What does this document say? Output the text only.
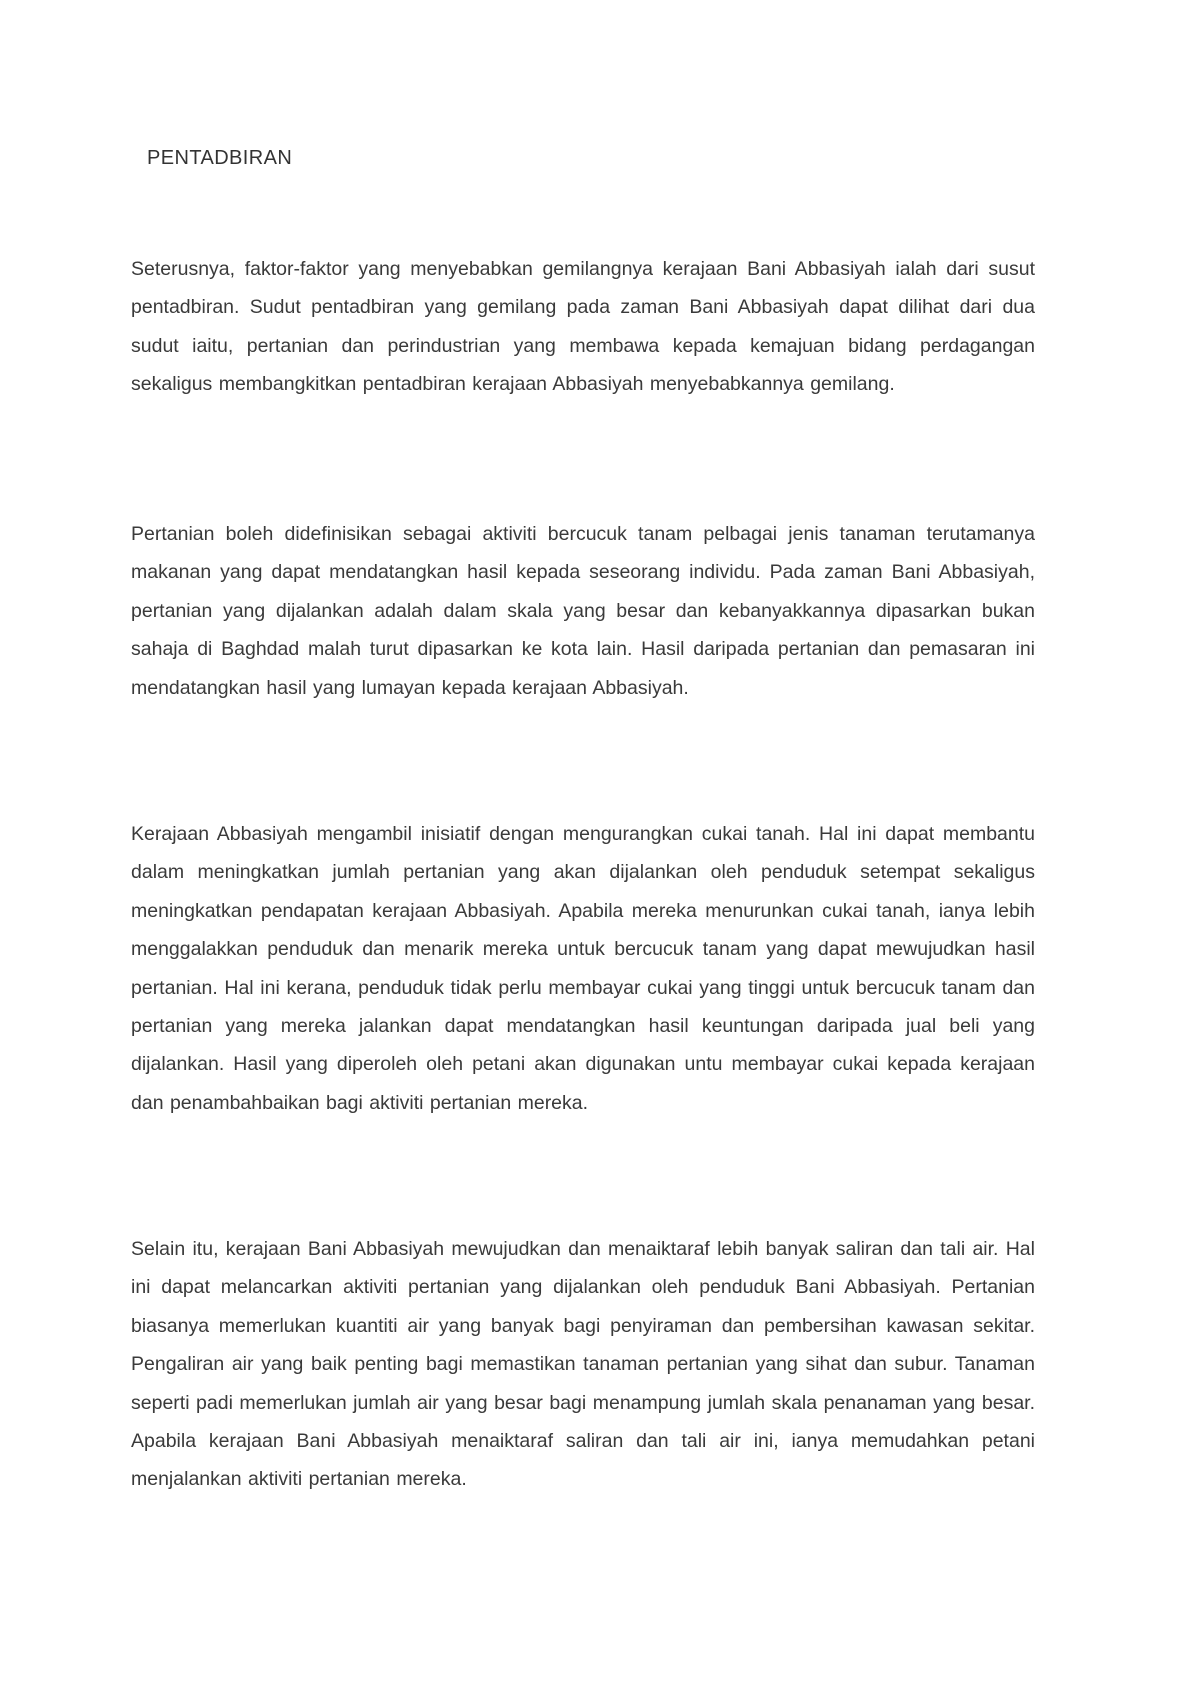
PENTADBIRAN

Seterusnya, faktor-faktor yang menyebabkan gemilangnya kerajaan Bani Abbasiyah ialah dari susut pentadbiran. Sudut pentadbiran yang gemilang pada zaman Bani Abbasiyah dapat dilihat dari dua sudut iaitu, pertanian dan perindustrian yang membawa kepada kemajuan bidang perdagangan sekaligus membangkitkan pentadbiran kerajaan Abbasiyah menyebabkannya gemilang.

Pertanian boleh didefinisikan sebagai aktiviti bercucuk tanam pelbagai jenis tanaman terutamanya makanan yang dapat mendatangkan hasil kepada seseorang individu. Pada zaman Bani Abbasiyah, pertanian yang dijalankan adalah dalam skala yang besar dan kebanyakkannya dipasarkan bukan sahaja di Baghdad malah turut dipasarkan ke kota lain. Hasil daripada pertanian dan pemasaran ini mendatangkan hasil yang lumayan kepada kerajaan Abbasiyah.

Kerajaan Abbasiyah mengambil inisiatif dengan mengurangkan cukai tanah. Hal ini dapat membantu dalam meningkatkan jumlah pertanian yang akan dijalankan oleh penduduk setempat sekaligus meningkatkan pendapatan kerajaan Abbasiyah. Apabila mereka menurunkan cukai tanah, ianya lebih menggalakkan penduduk dan menarik mereka untuk bercucuk tanam yang dapat mewujudkan hasil pertanian. Hal ini kerana, penduduk tidak perlu membayar cukai yang tinggi untuk bercucuk tanam dan pertanian yang mereka jalankan dapat mendatangkan hasil keuntungan daripada jual beli yang dijalankan. Hasil yang diperoleh oleh petani akan digunakan untu membayar cukai kepada kerajaan dan penambahbaikan bagi aktiviti pertanian mereka.

Selain itu, kerajaan Bani Abbasiyah mewujudkan dan menaiktaraf lebih banyak saliran dan tali air. Hal ini dapat melancarkan aktiviti pertanian yang dijalankan oleh penduduk Bani Abbasiyah. Pertanian biasanya memerlukan kuantiti air yang banyak bagi penyiraman dan pembersihan kawasan sekitar. Pengaliran air yang baik penting bagi memastikan tanaman pertanian yang sihat dan subur. Tanaman seperti padi memerlukan jumlah air yang besar bagi menampung jumlah skala penanaman yang besar. Apabila kerajaan Bani Abbasiyah menaiktaraf saliran dan tali air ini, ianya memudahkan petani menjalankan aktiviti pertanian mereka.
